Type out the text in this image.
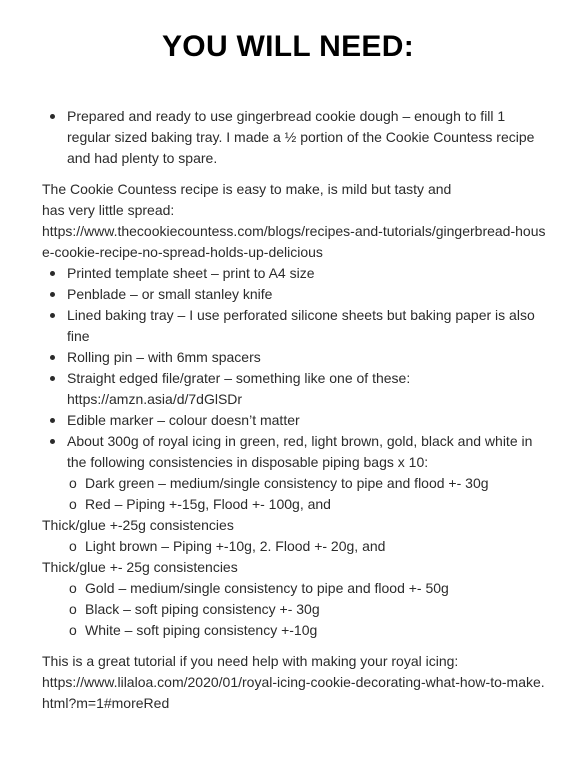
YOU WILL NEED:
Prepared and ready to use gingerbread cookie dough – enough to fill 1 regular sized baking tray. I made a ½ portion of the Cookie Countess recipe and had plenty to spare.

The Cookie Countess recipe is easy to make, is mild but tasty and
has very little spread:
https://www.thecookiecountess.com/blogs/recipes-and-tutorials/gingerbread-house-cookie-recipe-no-spread-holds-up-delicious

Printed template sheet – print to A4 size
Penblade – or small stanley knife
Lined baking tray – I use perforated silicone sheets but baking paper is also fine
Rolling pin – with 6mm spacers
Straight edged file/grater – something like one of these: https://amzn.asia/d/7dGlSDr
Edible marker – colour doesn’t matter
About 300g of royal icing in green, red, light brown, gold, black and white in the following consistencies in disposable piping bags x 10:
o Dark green – medium/single consistency to pipe and flood +- 30g
o Red – Piping +-15g, Flood +- 100g, and

Thick/glue +-25g consistencies

o Light brown – Piping +-10g, 2. Flood +- 20g, and

Thick/glue +- 25g consistencies

o Gold – medium/single consistency to pipe and flood +- 50g
o Black – soft piping consistency +- 30g
o White – soft piping consistency +-10g

This is a great tutorial if you need help with making your royal icing:
https://www.lilaloa.com/2020/01/royal-icing-cookie-decorating-what-how-to-make.html?m=1#moreRed
